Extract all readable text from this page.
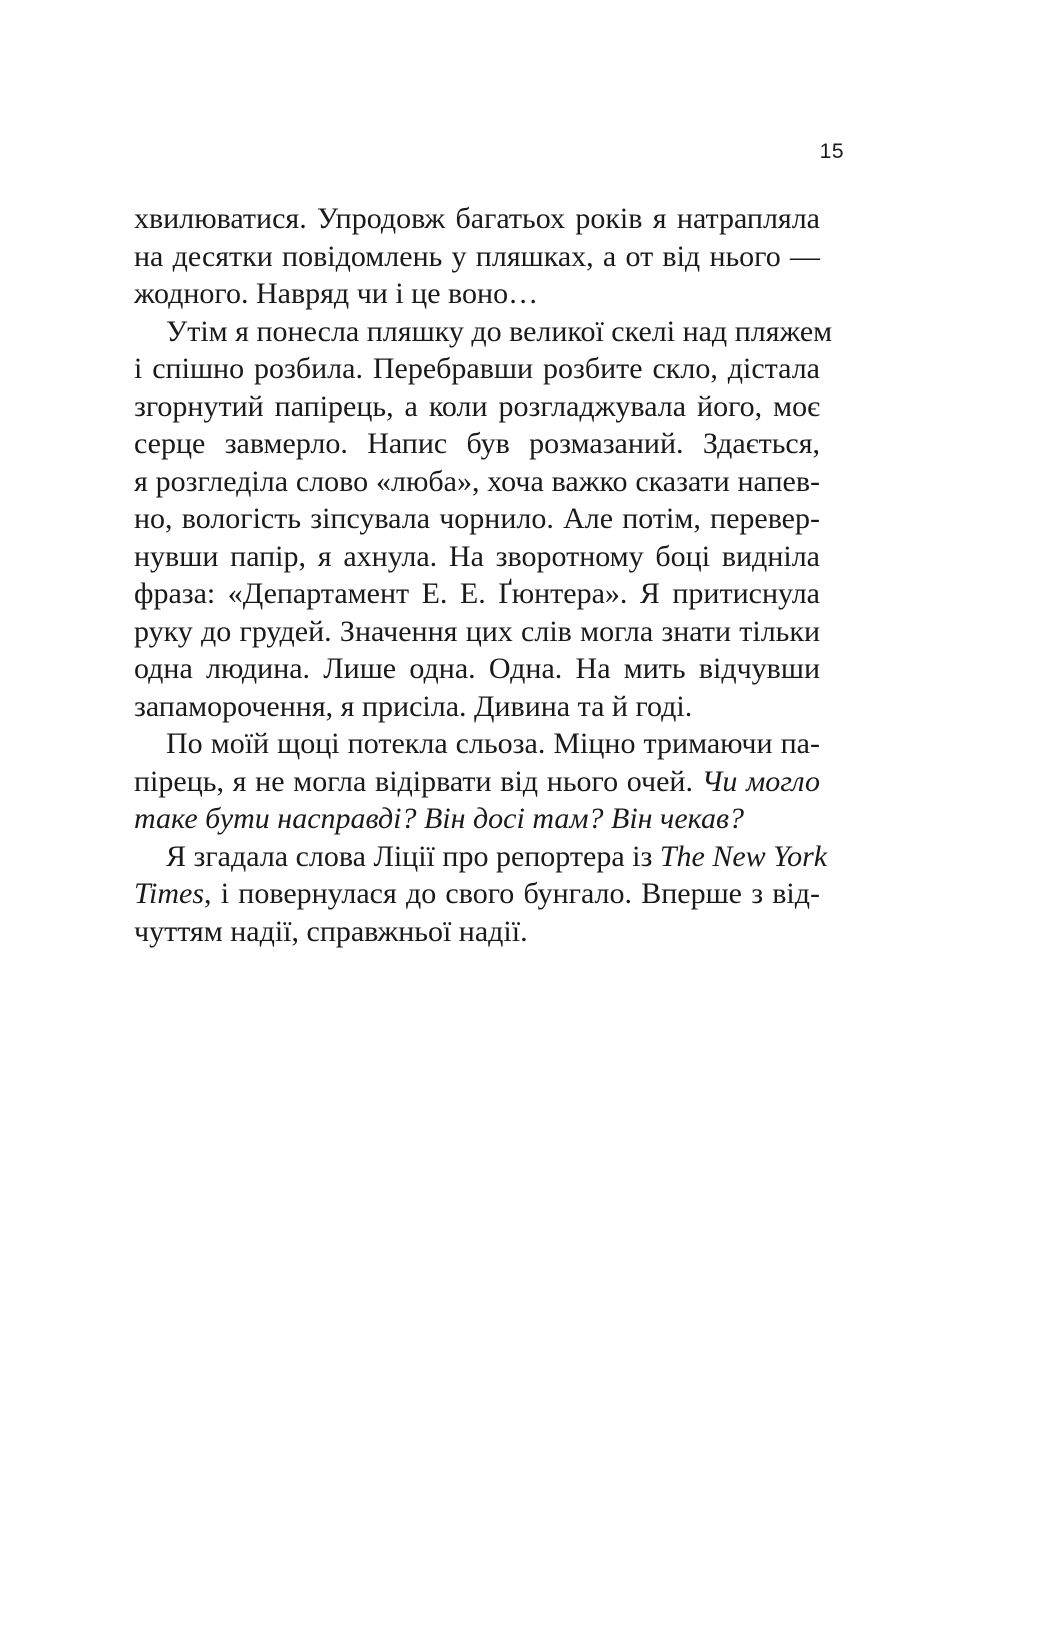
15
хвилюватися. Упродовж багатьох років я натрапляла
на десятки повідомлень у пляшках, а от від нього —
жодного. Навряд чи і це воно…
Утім я понесла пляшку до великої скелі над пляжем
і спішно розбила. Перебравши розбите скло, дістала
згорнутий папірець, а коли розгладжувала його, моє
серце завмерло. Напис був розмазаний. Здається,
я розгледіла слово «люба», хоча важко сказати напев-
но, вологість зіпсувала чорнило. Але потім, перевер-
нувши папір, я ахнула. На зворотному боці видніла
фраза: «Департамент Е. Е. Ґюнтера». Я притиснула
руку до грудей. Значення цих слів могла знати тільки
одна людина. Лише одна. Одна. На мить відчувши
запаморочення, я присіла. Дивина та й годі.
По моїй щоці потекла сльоза. Міцно тримаючи па-
пірець, я не могла відірвати від нього очей. Чи могло
таке бути насправді? Він досі там? Він чекав?
Я згадала слова Ліції про репортера із The New York
Times, і повернулася до свого бунгало. Вперше з від-
чуттям надії, справжньої надії.
